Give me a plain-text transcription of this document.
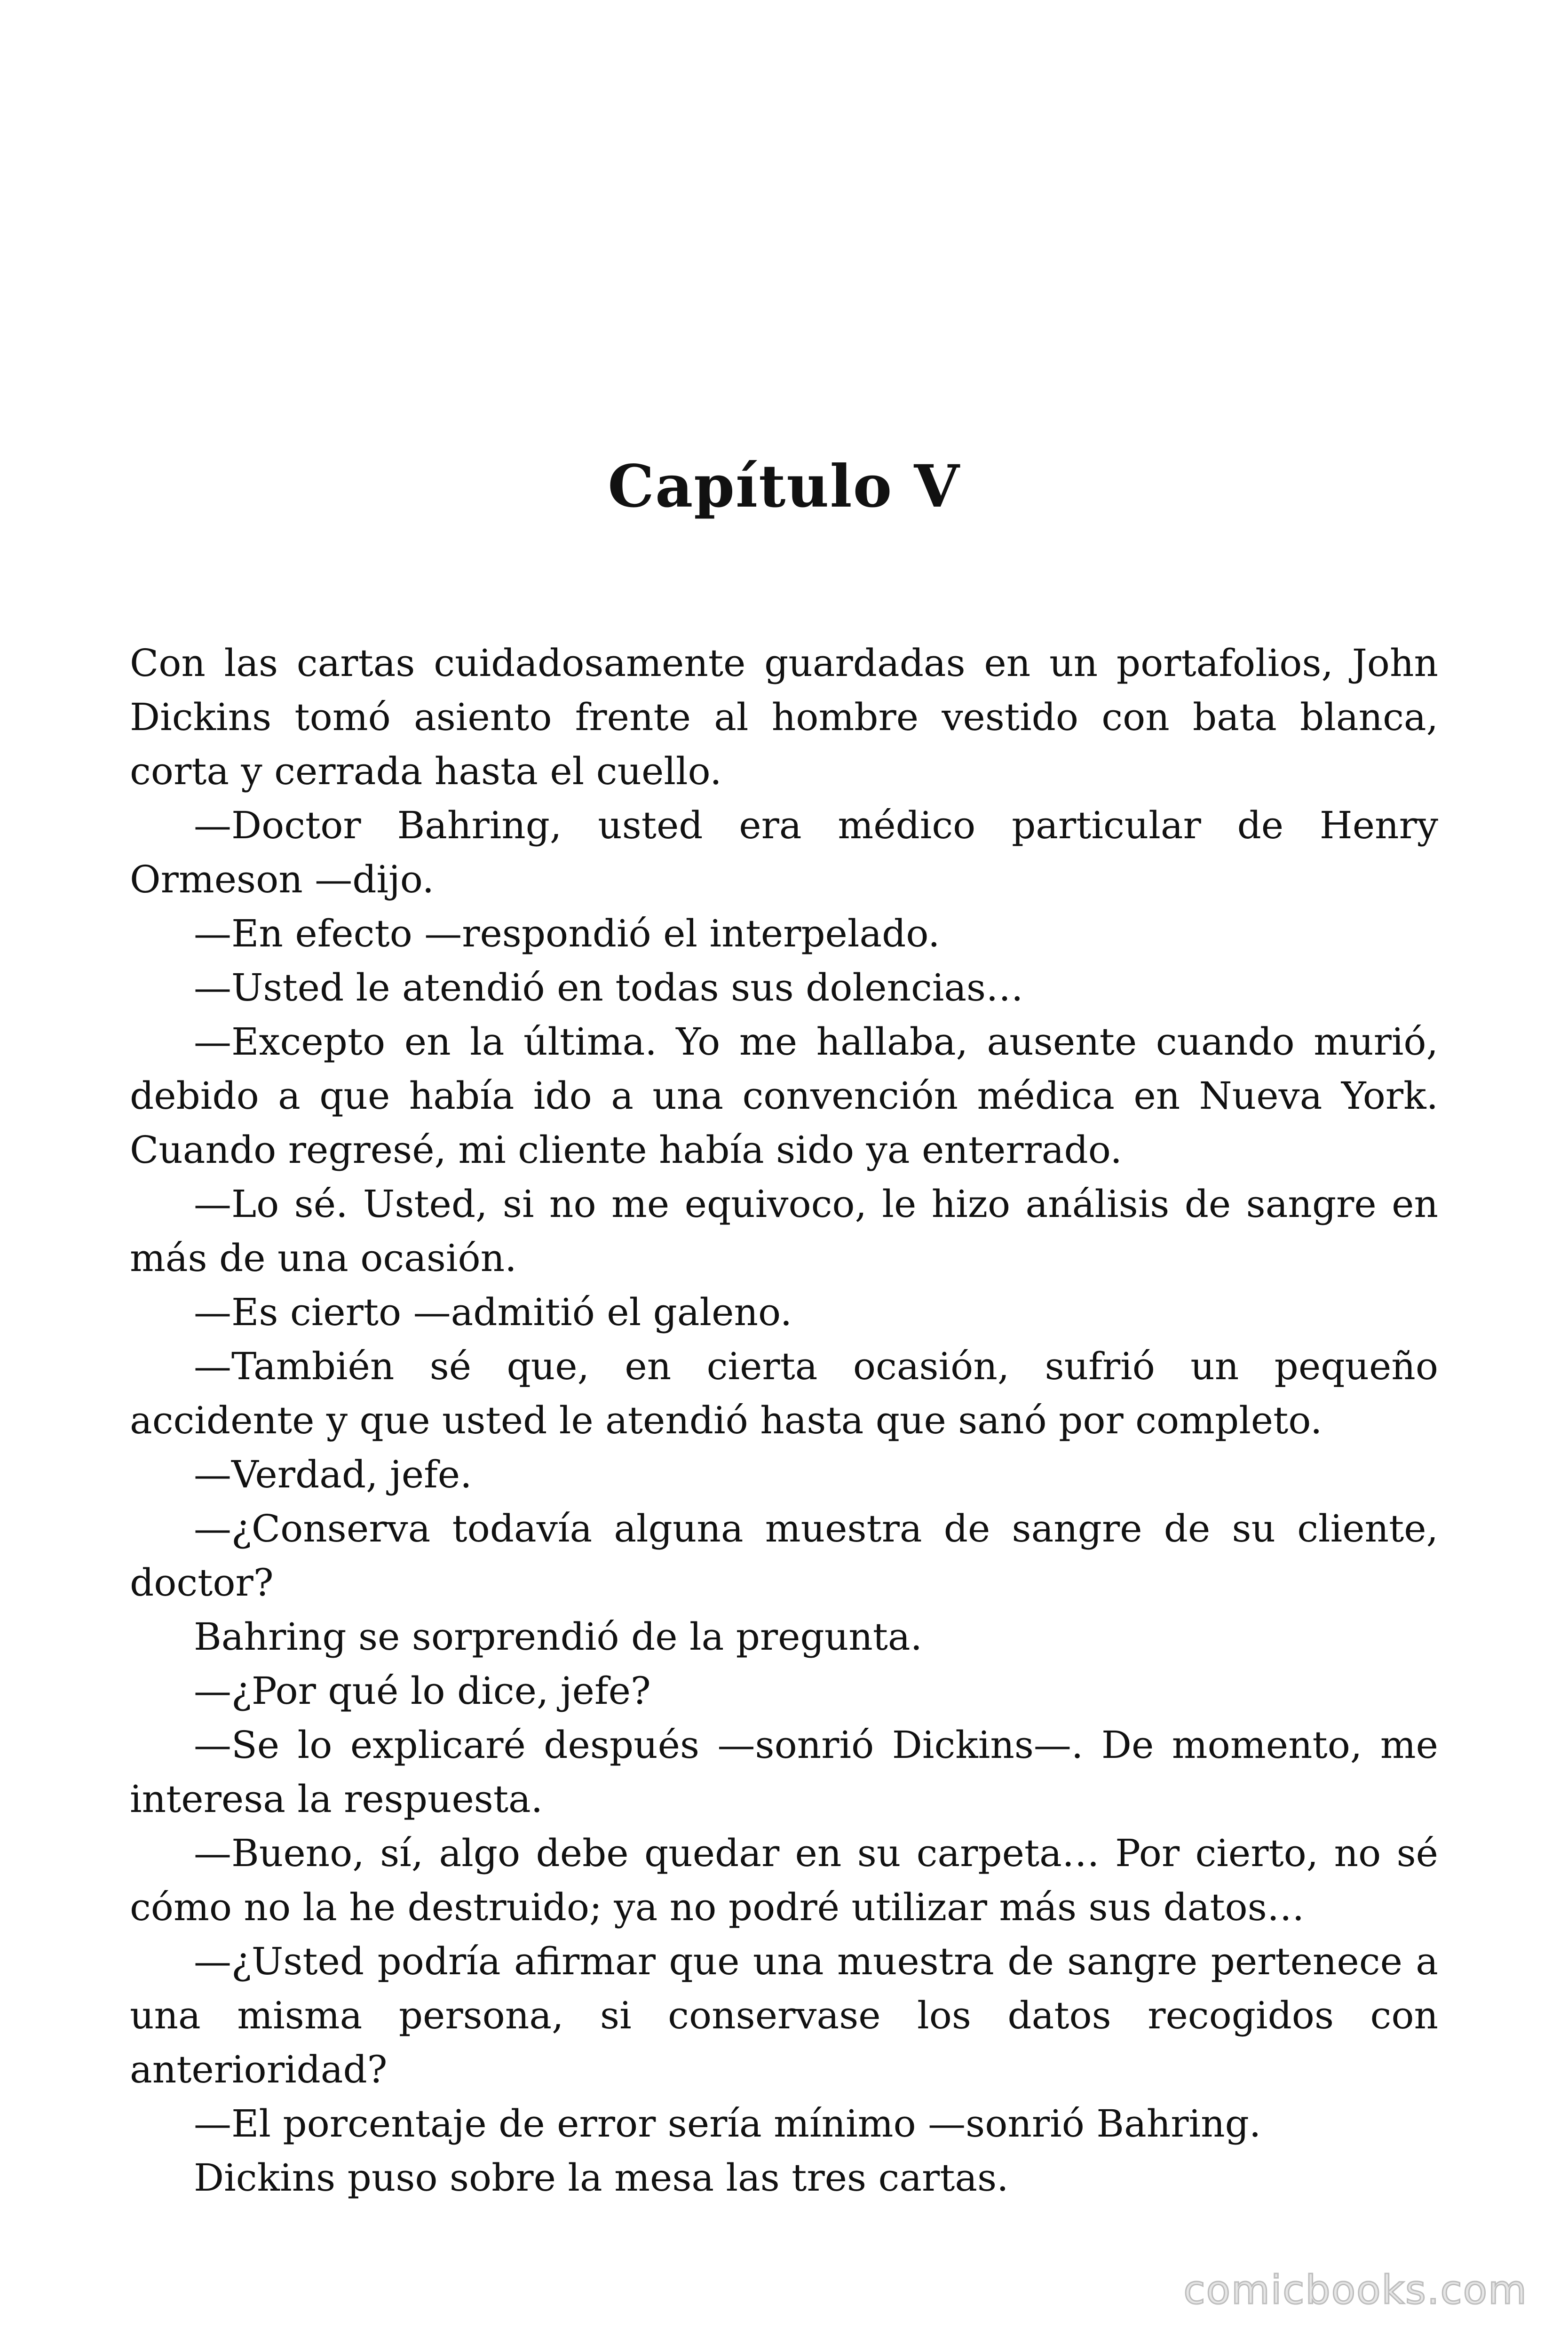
Capítulo V

Con las cartas cuidadosamente guardadas en un portafolios, John Dickins tomó asiento frente al hombre vestido con bata blanca, corta y cerrada hasta el cuello.

—Doctor Bahring, usted era médico particular de Henry Ormeson —dijo.

—En efecto —respondió el interpelado.

—Usted le atendió en todas sus dolencias…

—Excepto en la última. Yo me hallaba, ausente cuando murió, debido a que había ido a una convención médica en Nueva York. Cuando regresé, mi cliente había sido ya enterrado.

—Lo sé. Usted, si no me equivoco, le hizo análisis de sangre en más de una ocasión.

—Es cierto —admitió el galeno.

—También sé que, en cierta ocasión, sufrió un pequeño accidente y que usted le atendió hasta que sanó por completo.

—Verdad, jefe.

—¿Conserva todavía alguna muestra de sangre de su cliente, doctor?

Bahring se sorprendió de la pregunta.

—¿Por qué lo dice, jefe?

—Se lo explicaré después —sonrió Dickins—. De momento, me interesa la respuesta.

—Bueno, sí, algo debe quedar en su carpeta… Por cierto, no sé cómo no la he destruido; ya no podré utilizar más sus datos…

—¿Usted podría afirmar que una muestra de sangre pertenece a una misma persona, si conservase los datos recogidos con anterioridad?

—El porcentaje de error sería mínimo —sonrió Bahring.

Dickins puso sobre la mesa las tres cartas.

comicbooks.com
